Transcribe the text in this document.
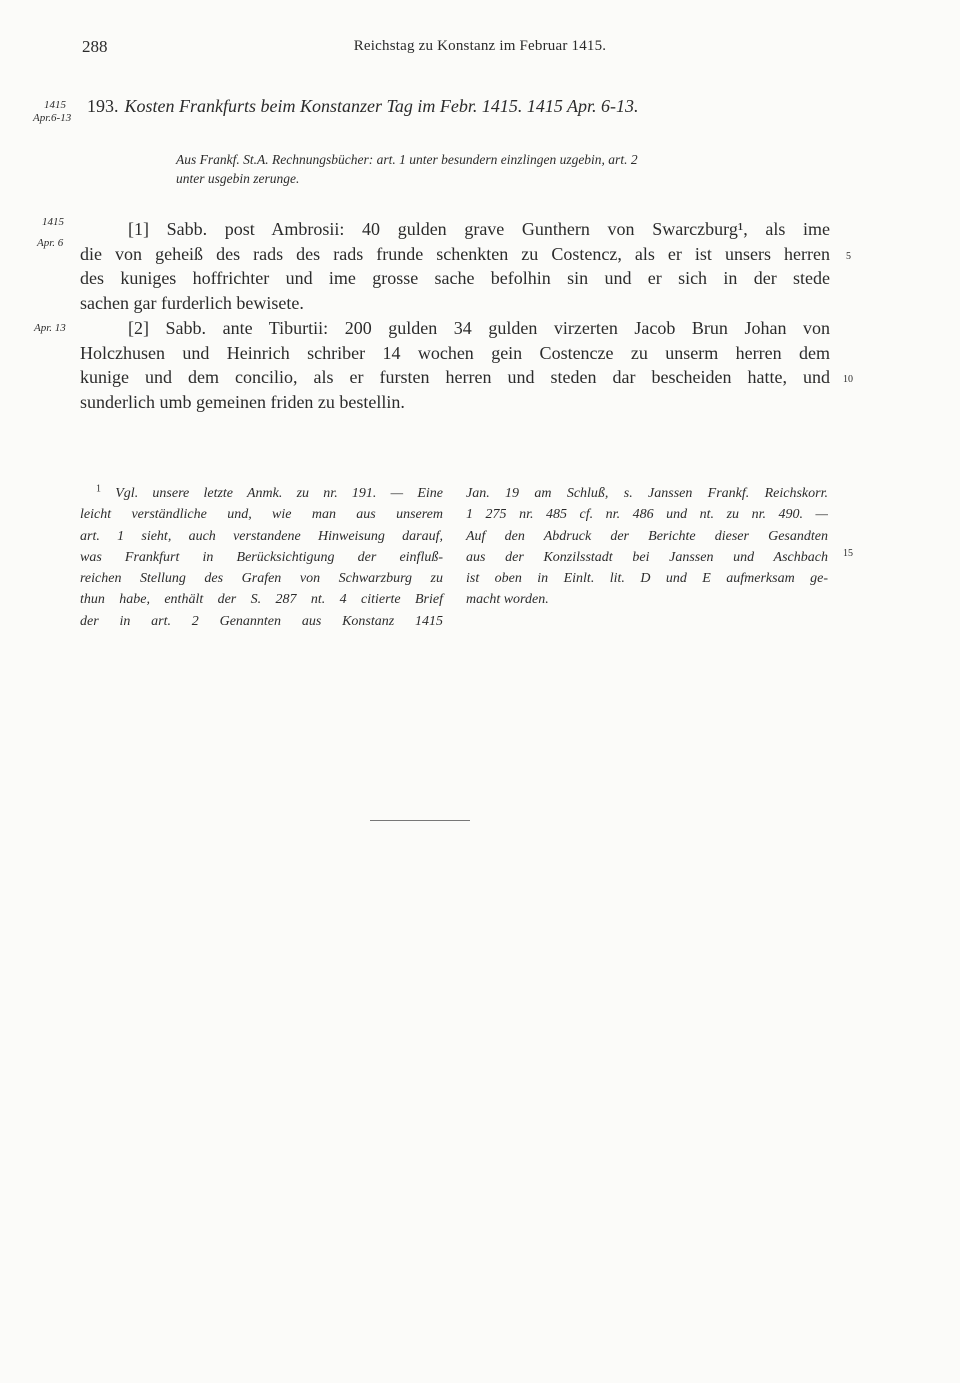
288	Reichstag zu Konstanz im Februar 1415.
1415
Apr.6-13
193. Kosten Frankfurts beim Konstanzer Tag im Febr. 1415. 1415 Apr. 6-13.
Aus Frankf. St.A. Rechnungsbücher: art. 1 unter besundern einzlingen uzgebin, art. 2
unter usgebin zerunge.
1415
Apr. 6
[1] Sabb. post Ambrosii: 40 gulden grave Gunthern von Swarczburg¹, als ime
die von geheiß des rads des rads frunde schenkten zu Costencz, als er ist unsers herren
des kuniges hoffrichter und ime grosse sache befolhin sin und er sich in der stede
sachen gar furderlich bewisete.
Apr. 13	[2] Sabb. ante Tiburtii: 200 gulden 34 gulden virzerten Jacob Brun Johan von
Holczhusen und Heinrich schriber 14 wochen gein Costencze zu unserm herren dem
kunige und dem concilio, als er fursten herren und steden dar bescheiden hatte, und
sunderlich umb gemeinen friden zu bestellin.
5
10
15
$^1$ Vgl. unsere letzte Anmk. zu nr. 191. — Eine
leicht verständliche und, wie man aus unserem
art. 1 sieht, auch verstandene Hinweisung darauf,
was Frankfurt in Berücksichtigung der einfluß-
reichen Stellung des Grafen von Schwarzburg zu
thun habe, enthält der S. 287 nt. 4 citierte Brief
der in art. 2 Genannten aus Konstanz 1415
Jan. 19 am Schluß, s. Janssen Frankf. Reichskorr.
1 275 nr. 485 cf. nr. 486 und nt. zu nr. 490. —
Auf den Abdruck der Berichte dieser Gesandten
aus der Konzilsstadt bei Janssen und Aschbach
ist oben in Einlt. lit. D und E aufmerksam ge-
macht worden.
